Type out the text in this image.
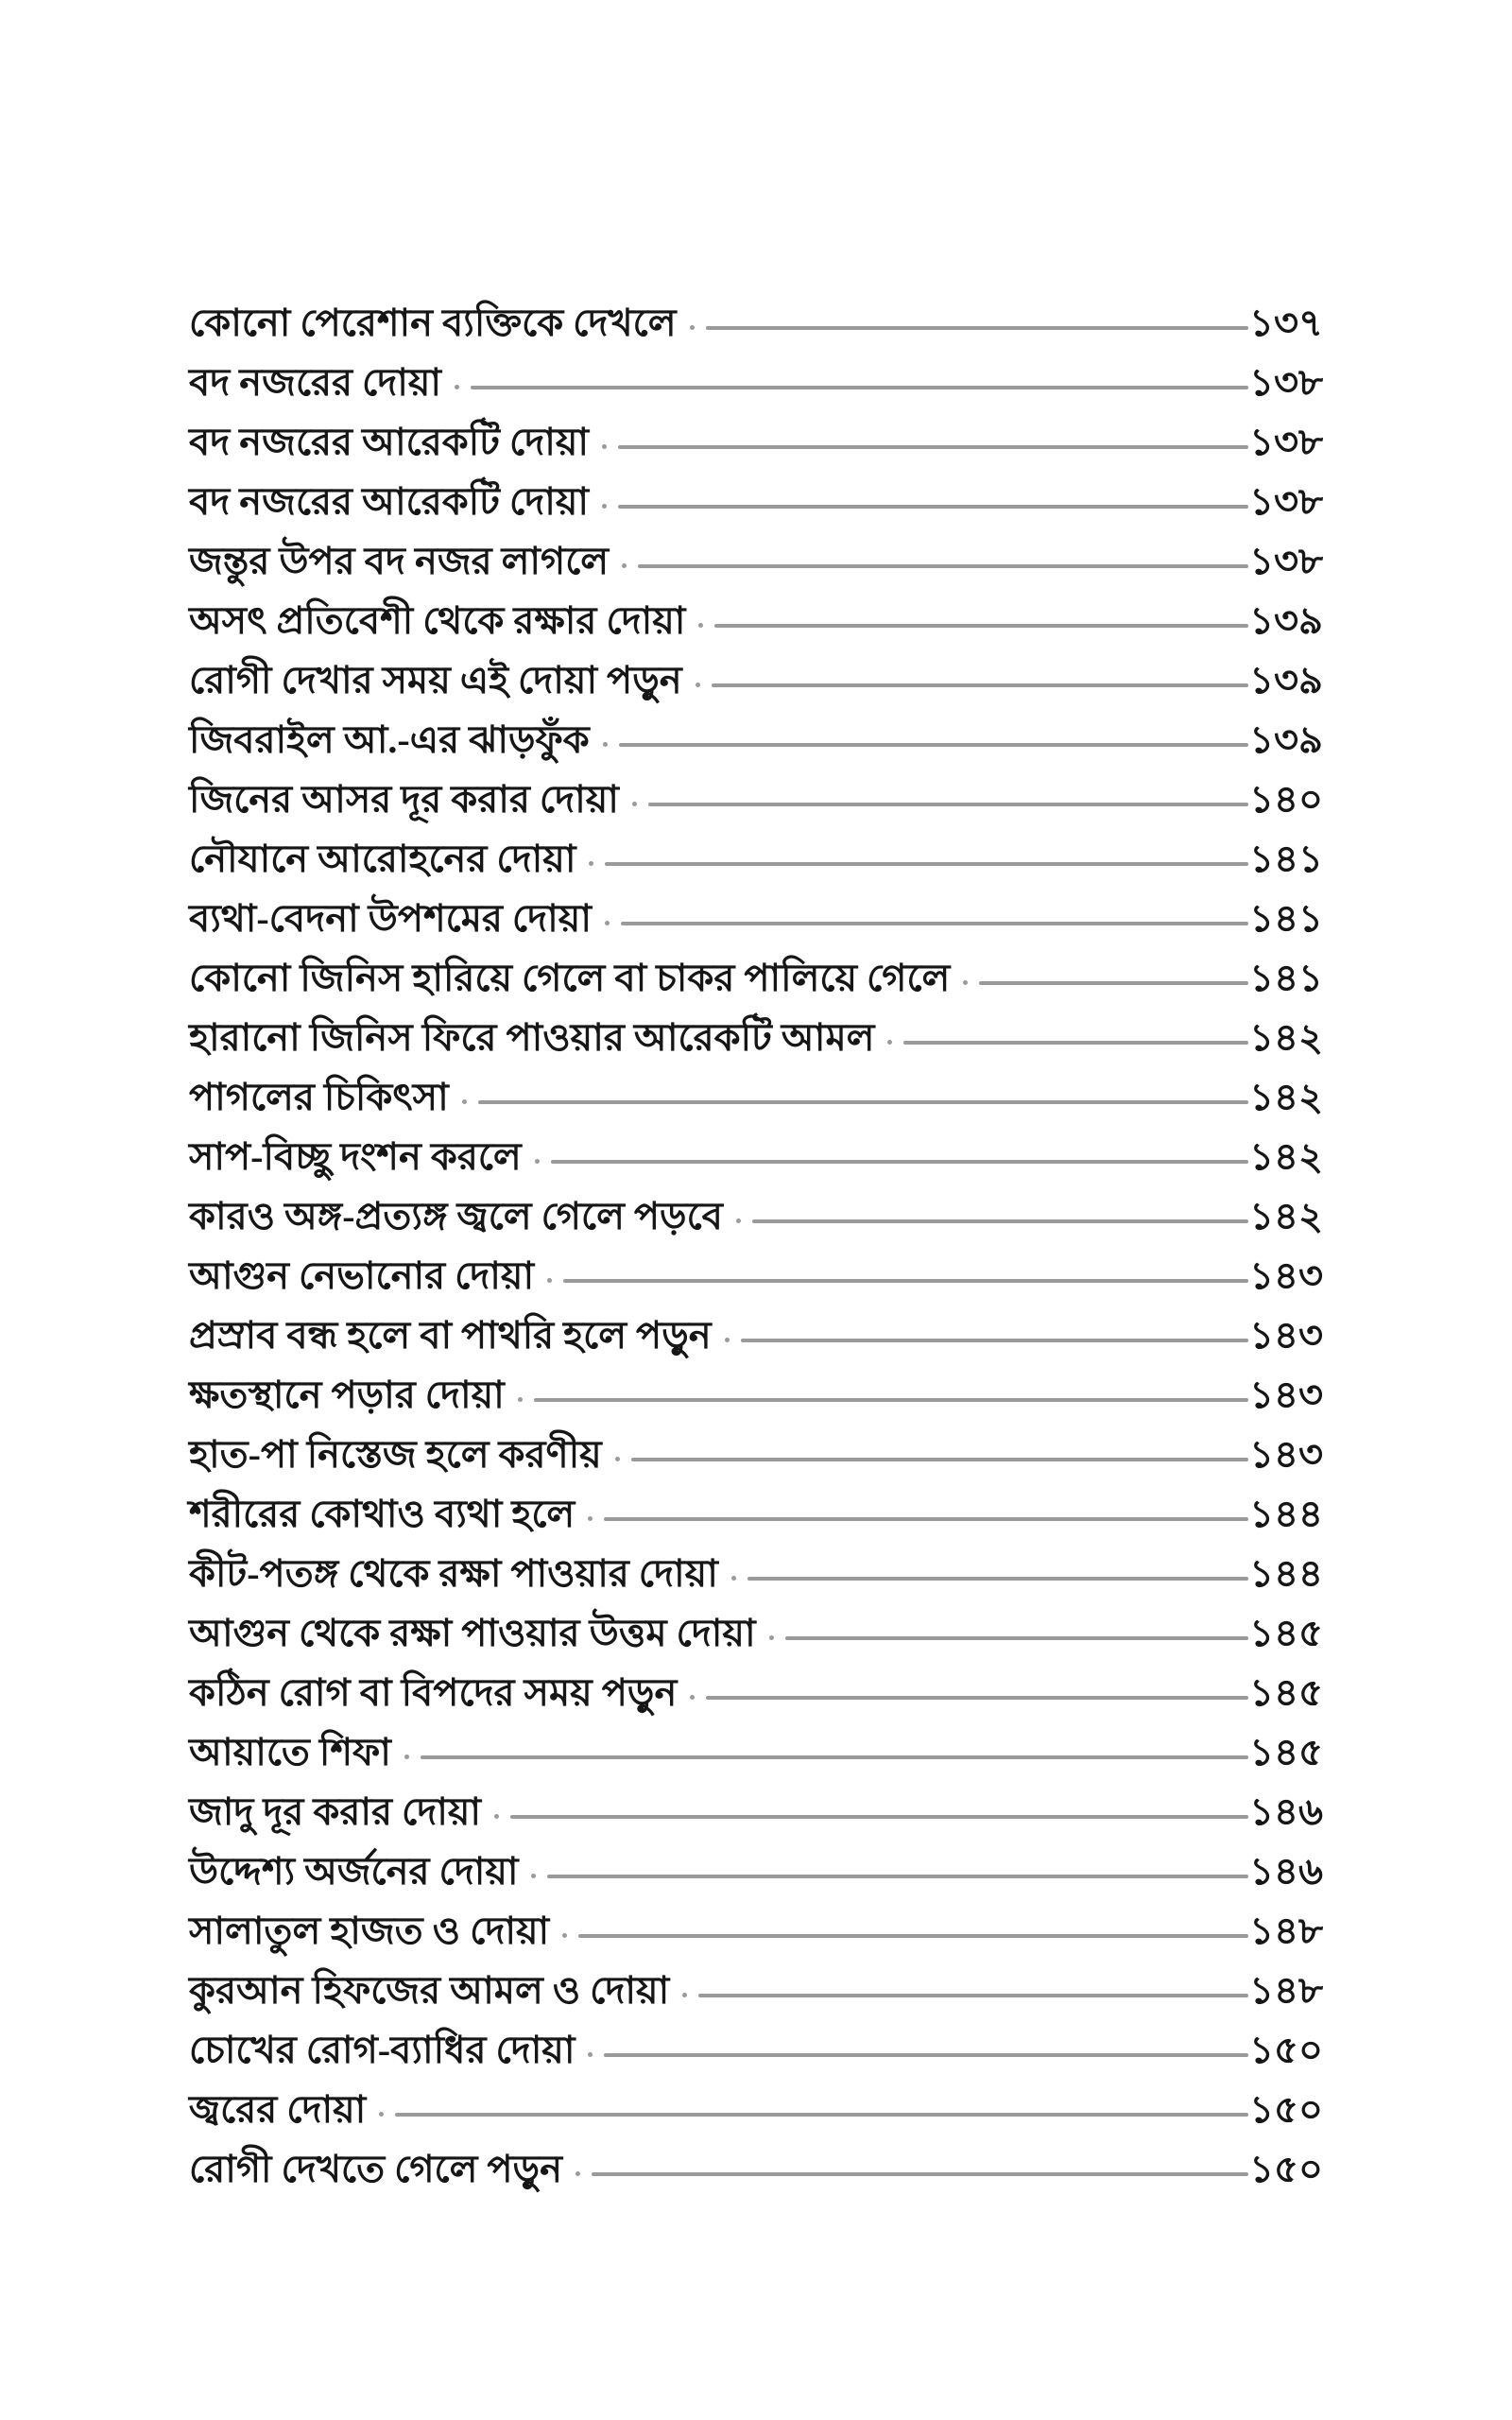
কোনো পেরেশান ব্যক্তিকে দেখলে	১৩৭
বদ নজরের দোয়া	১৩৮
বদ নজরের আরেকটি দোয়া	১৩৮
বদ নজরের আরেকটি দোয়া	১৩৮
জন্তুর উপর বদ নজর লাগলে	১৩৮
অসৎ প্রতিবেশী থেকে রক্ষার দোয়া	১৩৯
রোগী দেখার সময় এই দোয়া পড়ুন	১৩৯
জিবরাইল আ.-এর ঝাড়ফুঁক	১৩৯
জিনের আসর দূর করার দোয়া	১৪০
নৌযানে আরোহনের দোয়া	১৪১
ব্যথা-বেদনা উপশমের দোয়া	১৪১
কোনো জিনিস হারিয়ে গেলে বা চাকর পালিয়ে গেলে	১৪১
হারানো জিনিস ফিরে পাওয়ার আরেকটি আমল	১৪২
পাগলের চিকিৎসা	১৪২
সাপ-বিচ্ছু দংশন করলে	১৪২
কারও অঙ্গ-প্রত্যঙ্গ জ্বলে গেলে পড়বে	১৪২
আগুন নেভানোর দোয়া	১৪৩
প্রস্রাব বন্ধ হলে বা পাথরি হলে পড়ুন	১৪৩
ক্ষতস্থানে পড়ার দোয়া	১৪৩
হাত-পা নিস্তেজ হলে করণীয়	১৪৩
শরীরের কোথাও ব্যথা হলে	১৪৪
কীট-পতঙ্গ থেকে রক্ষা পাওয়ার দোয়া	১৪৪
আগুন থেকে রক্ষা পাওয়ার উত্তম দোয়া	১৪৫
কঠিন রোগ বা বিপদের সময় পড়ুন	১৪৫
আয়াতে শিফা	১৪৫
জাদু দূর করার দোয়া	১৪৬
উদ্দেশ্য অর্জনের দোয়া	১৪৬
সালাতুল হাজত ও দোয়া	১৪৮
কুরআন হিফজের আমল ও দোয়া	১৪৮
চোখের রোগ-ব্যাধির দোয়া	১৫০
জ্বরের দোয়া	১৫০
রোগী দেখতে গেলে পড়ুন	১৫০
